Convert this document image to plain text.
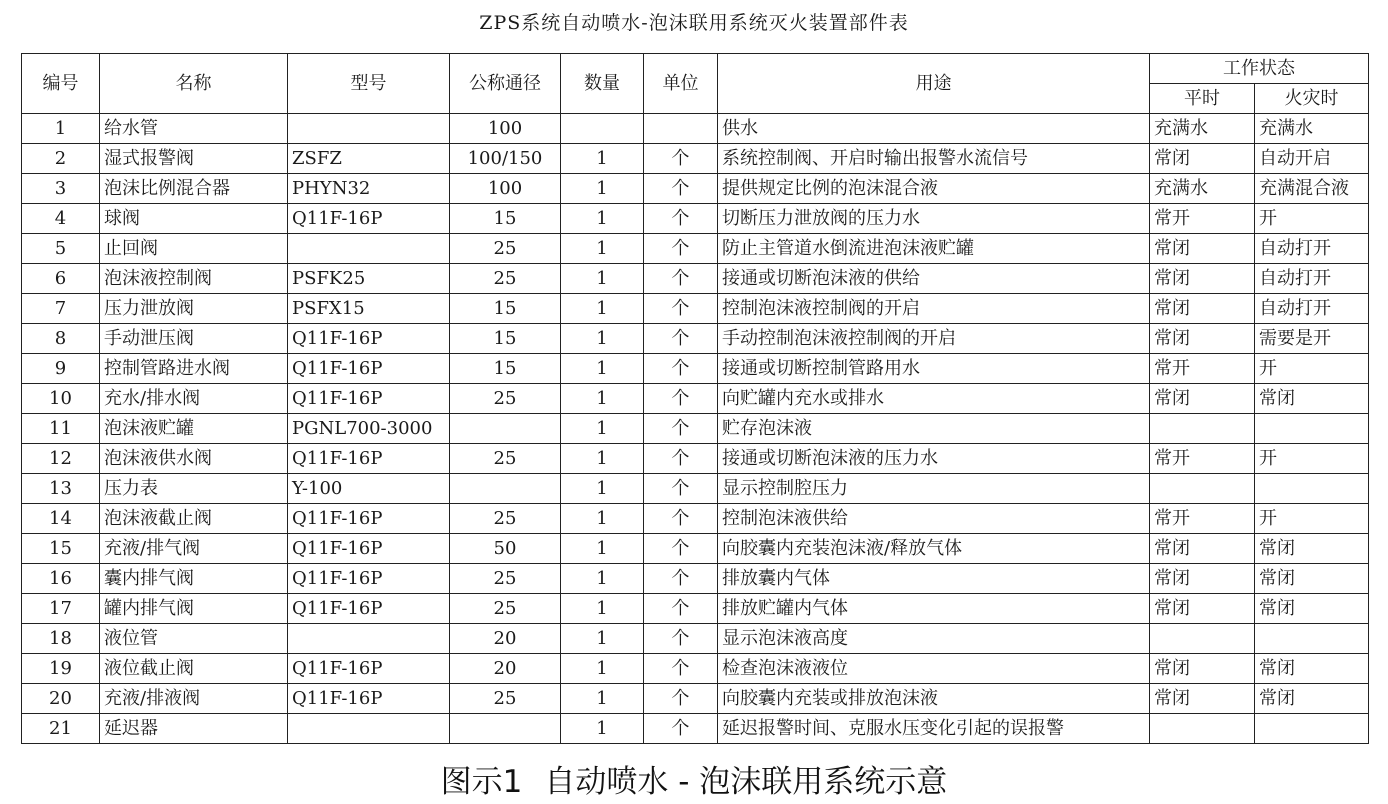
ZPS系统自动喷水-泡沫联用系统灭火装置部件表
编号	名称	型号	公称通径	数量	单位	用途	工作状态	
							平时	火灾时
1	给水管		100			供水	充满水	充满水
2	湿式报警阀	ZSFZ	100/150	1	个	系统控制阀、开启时输出报警水流信号	常闭	自动开启
3	泡沫比例混合器	PHYN32	100	1	个	提供规定比例的泡沫混合液	充满水	充满混合液
4	球阀	Q11F-16P	15	1	个	切断压力泄放阀的压力水	常开	开
5	止回阀		25	1	个	防止主管道水倒流进泡沫液贮罐	常闭	自动打开
6	泡沫液控制阀	PSFK25	25	1	个	接通或切断泡沫液的供给	常闭	自动打开
7	压力泄放阀	PSFX15	15	1	个	控制泡沫液控制阀的开启	常闭	自动打开
8	手动泄压阀	Q11F-16P	15	1	个	手动控制泡沫液控制阀的开启	常闭	需要是开
9	控制管路进水阀	Q11F-16P	15	1	个	接通或切断控制管路用水	常开	开
10	充水/排水阀	Q11F-16P	25	1	个	向贮罐内充水或排水	常闭	常闭
11	泡沫液贮罐	PGNL700-3000		1	个	贮存泡沫液		
12	泡沫液供水阀	Q11F-16P	25	1	个	接通或切断泡沫液的压力水	常开	开
13	压力表	Y-100		1	个	显示控制腔压力		
14	泡沫液截止阀	Q11F-16P	25	1	个	控制泡沫液供给	常开	开
15	充液/排气阀	Q11F-16P	50	1	个	向胶囊内充装泡沫液/释放气体	常闭	常闭
16	囊内排气阀	Q11F-16P	25	1	个	排放囊内气体	常闭	常闭
17	罐内排气阀	Q11F-16P	25	1	个	排放贮罐内气体	常闭	常闭
18	液位管		20	1	个	显示泡沫液高度		
19	液位截止阀	Q11F-16P	20	1	个	检查泡沫液液位	常闭	常闭
20	充液/排液阀	Q11F-16P	25	1	个	向胶囊内充装或排放泡沫液	常闭	常闭
21	延迟器			1	个	延迟报警时间、克服水压变化引起的误报警		
图示1 自动喷水 - 泡沫联用系统示意
